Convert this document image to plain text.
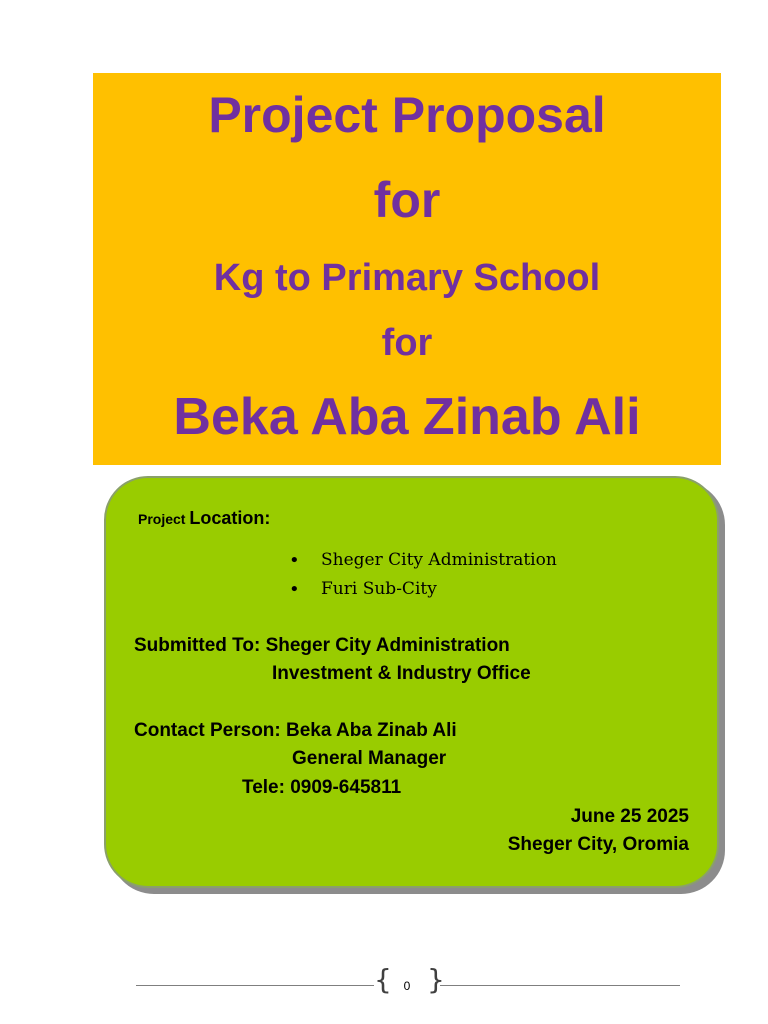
Project Proposal
for
Kg to Primary School
for
Beka Aba Zinab Ali
Project Location:
• Sheger City Administration
• Furi Sub-City
Submitted To: Sheger City Administration
Investment & Industry Office
Contact Person: Beka Aba Zinab Ali
General Manager
Tele: 0909-645811
June 25 2025
Sheger City, Oromia
{ 0 }
